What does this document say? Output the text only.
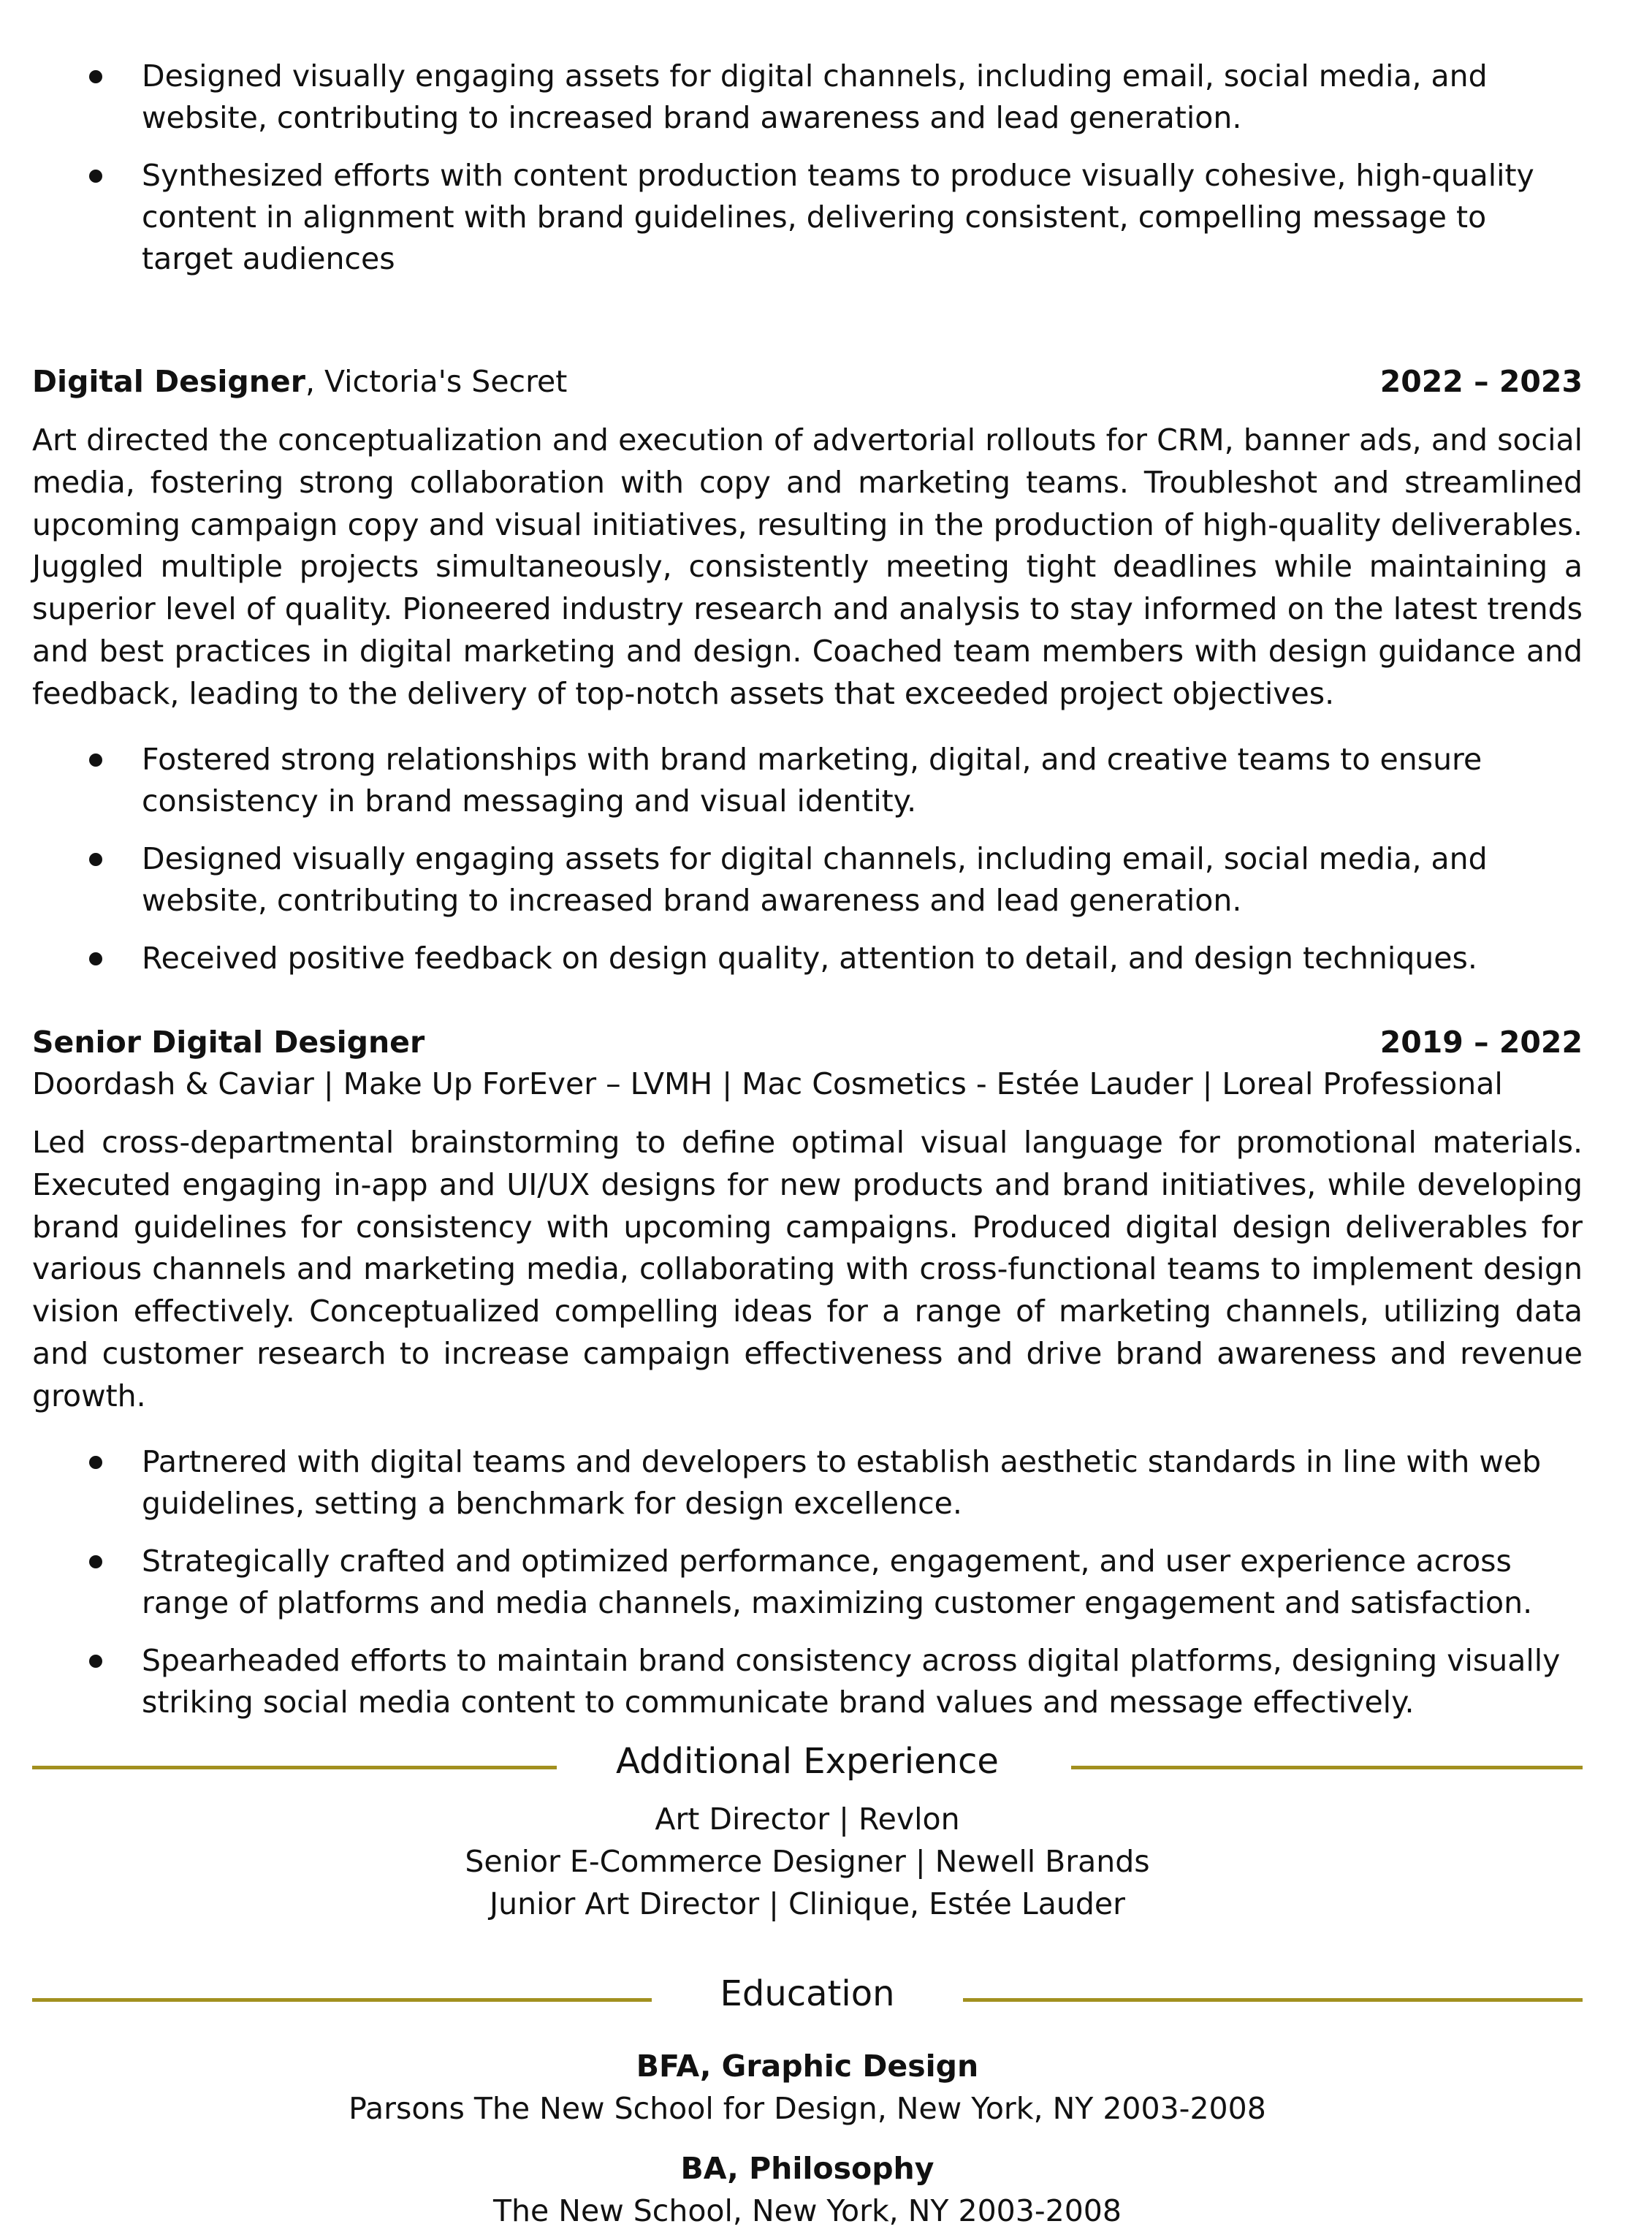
Designed visually engaging assets for digital channels, including email, social media, and website, contributing to increased brand awareness and lead generation.
Synthesized efforts with content production teams to produce visually cohesive, high-quality content in alignment with brand guidelines, delivering consistent, compelling message to target audiences
Digital Designer, Victoria's Secret	2022 – 2023

Art directed the conceptualization and execution of advertorial rollouts for CRM, banner ads, and social media, fostering strong collaboration with copy and marketing teams. Troubleshot and streamlined upcoming campaign copy and visual initiatives, resulting in the production of high-quality deliverables. Juggled multiple projects simultaneously, consistently meeting tight deadlines while maintaining a superior level of quality. Pioneered industry research and analysis to stay informed on the latest trends and best practices in digital marketing and design. Coached team members with design guidance and feedback, leading to the delivery of top-notch assets that exceeded project objectives.

Fostered strong relationships with brand marketing, digital, and creative teams to ensure consistency in brand messaging and visual identity.
Designed visually engaging assets for digital channels, including email, social media, and website, contributing to increased brand awareness and lead generation.
Received positive feedback on design quality, attention to detail, and design techniques.
Senior Digital Designer	2019 – 2022
Doordash & Caviar | Make Up ForEver – LVMH | Mac Cosmetics - Estée Lauder | Loreal Professional

Led cross-departmental brainstorming to define optimal visual language for promotional materials. Executed engaging in-app and UI/UX designs for new products and brand initiatives, while developing brand guidelines for consistency with upcoming campaigns. Produced digital design deliverables for various channels and marketing media, collaborating with cross-functional teams to implement design vision effectively. Conceptualized compelling ideas for a range of marketing channels, utilizing data and customer research to increase campaign effectiveness and drive brand awareness and revenue growth.

Partnered with digital teams and developers to establish aesthetic standards in line with web guidelines, setting a benchmark for design excellence.
Strategically crafted and optimized performance, engagement, and user experience across range of platforms and media channels, maximizing customer engagement and satisfaction.
Spearheaded efforts to maintain brand consistency across digital platforms, designing visually striking social media content to communicate brand values and message effectively.
Additional Experience
Art Director | Revlon
Senior E-Commerce Designer | Newell Brands
Junior Art Director | Clinique, Estée Lauder
Education
BFA, Graphic Design
Parsons The New School for Design, New York, NY 2003-2008
BA, Philosophy
The New School, New York, NY 2003-2008
